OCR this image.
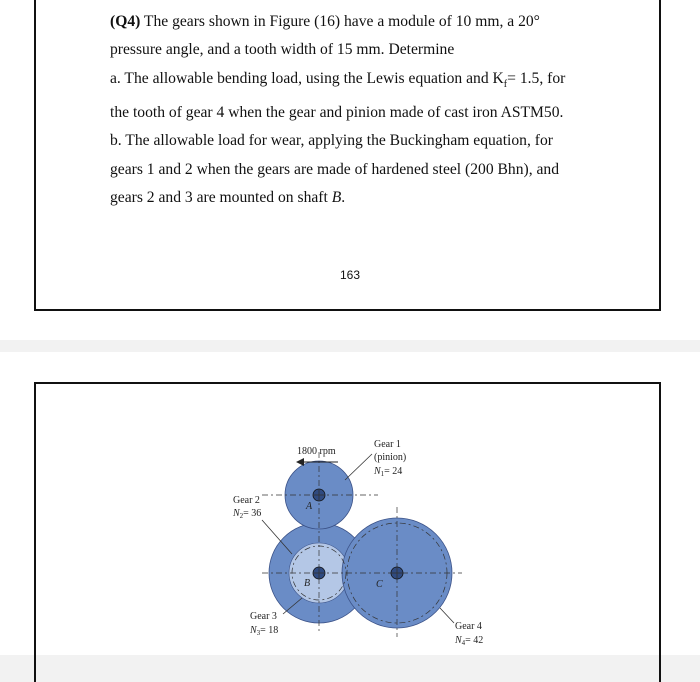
(Q4) The gears shown in Figure (16) have a module of 10 mm, a 20°

pressure angle, and a tooth width of 15 mm. Determine

a. The allowable bending load, using the Lewis equation and $K_f= 1.5$, for

the tooth of gear 4 when the gear and pinion made of cast iron ASTM50.

b. The allowable load for wear, applying the Buckingham equation, for

gears 1 and 2 when the gears are made of hardened steel (200 Bhn), and

gears 2 and 3 are mounted on shaft B.

163
A
B	C
1800 rpm
Gear 1
(pinion)
$N_1= 24$
Gear 2
$N_2= 36$
Gear 3
$N_3= 18$	Gear 4
$N_4= 42$
